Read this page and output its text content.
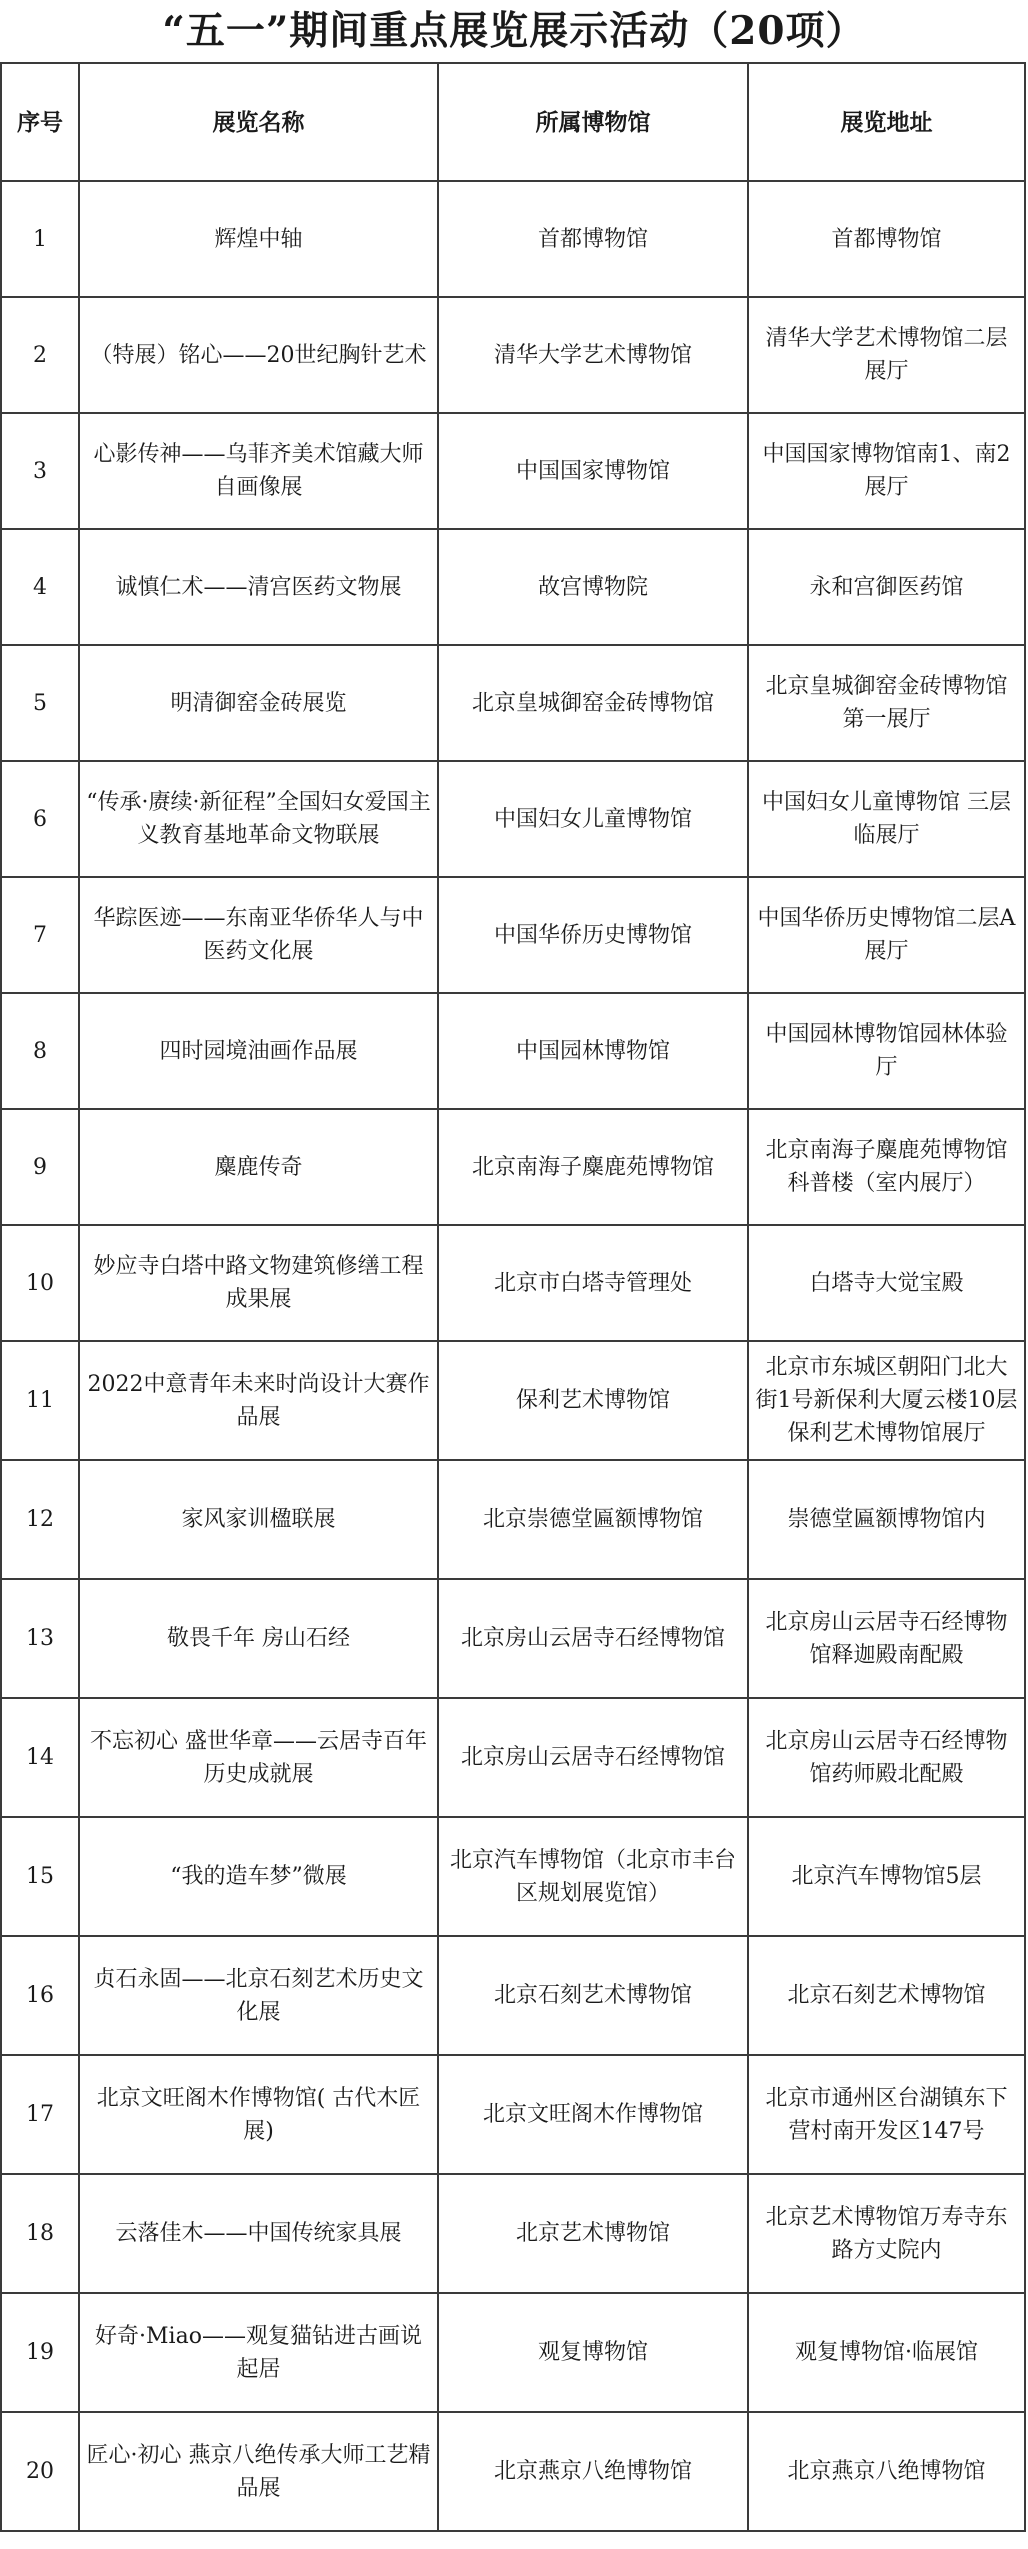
“五一”期间重点展览展示活动（20项）
序号	展览名称	所属博物馆	展览地址
1	辉煌中轴	首都博物馆	首都博物馆
2	（特展）铭心——20世纪胸针艺术	清华大学艺术博物馆	清华大学艺术博物馆二层展厅
3	心影传神——乌菲齐美术馆藏大师自画像展	中国国家博物馆	中国国家博物馆南1、南2展厅
4	诚慎仁术——清宫医药文物展	故宫博物院	永和宫御医药馆
5	明清御窑金砖展览	北京皇城御窑金砖博物馆	北京皇城御窑金砖博物馆第一展厅
6	“传承·赓续·新征程”全国妇女爱国主义教育基地革命文物联展	中国妇女儿童博物馆	中国妇女儿童博物馆 三层临展厅
7	华踪医迹——东南亚华侨华人与中医药文化展	中国华侨历史博物馆	中国华侨历史博物馆二层A展厅
8	四时园境油画作品展	中国园林博物馆	中国园林博物馆园林体验厅
9	麋鹿传奇	北京南海子麋鹿苑博物馆	北京南海子麋鹿苑博物馆科普楼（室内展厅）
10	妙应寺白塔中路文物建筑修缮工程成果展	北京市白塔寺管理处	白塔寺大觉宝殿
11	2022中意青年未来时尚设计大赛作品展	保利艺术博物馆	北京市东城区朝阳门北大街1号新保利大厦云楼10层保利艺术博物馆展厅
12	家风家训楹联展	北京崇德堂匾额博物馆	崇德堂匾额博物馆内
13	敬畏千年 房山石经	北京房山云居寺石经博物馆	北京房山云居寺石经博物馆释迦殿南配殿
14	不忘初心 盛世华章——云居寺百年历史成就展	北京房山云居寺石经博物馆	北京房山云居寺石经博物馆药师殿北配殿
15	“我的造车梦”微展	北京汽车博物馆（北京市丰台区规划展览馆）	北京汽车博物馆5层
16	贞石永固——北京石刻艺术历史文化展	北京石刻艺术博物馆	北京石刻艺术博物馆
17	北京文旺阁木作博物馆( 古代木匠展)	北京文旺阁木作博物馆	北京市通州区台湖镇东下营村南开发区147号
18	云落佳木——中国传统家具展	北京艺术博物馆	北京艺术博物馆万寿寺东路方丈院内
19	好奇·Miao——观复猫钻进古画说起居	观复博物馆	观复博物馆·临展馆
20	匠心·初心 燕京八绝传承大师工艺精品展	北京燕京八绝博物馆	北京燕京八绝博物馆
